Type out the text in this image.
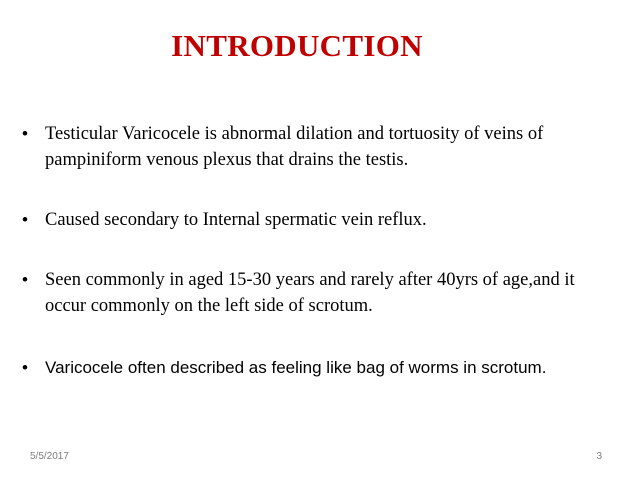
INTRODUCTION
• Testicular Varicocele is abnormal dilation and tortuosity of veins of pampiniform venous plexus that drains the testis.
• Caused secondary to Internal spermatic vein reflux.
• Seen commonly in aged 15-30 years and rarely after 40yrs of age,and it occur commonly on the left side of scrotum.
• Varicocele often described as feeling like bag of worms in scrotum.
5/5/2017	3
